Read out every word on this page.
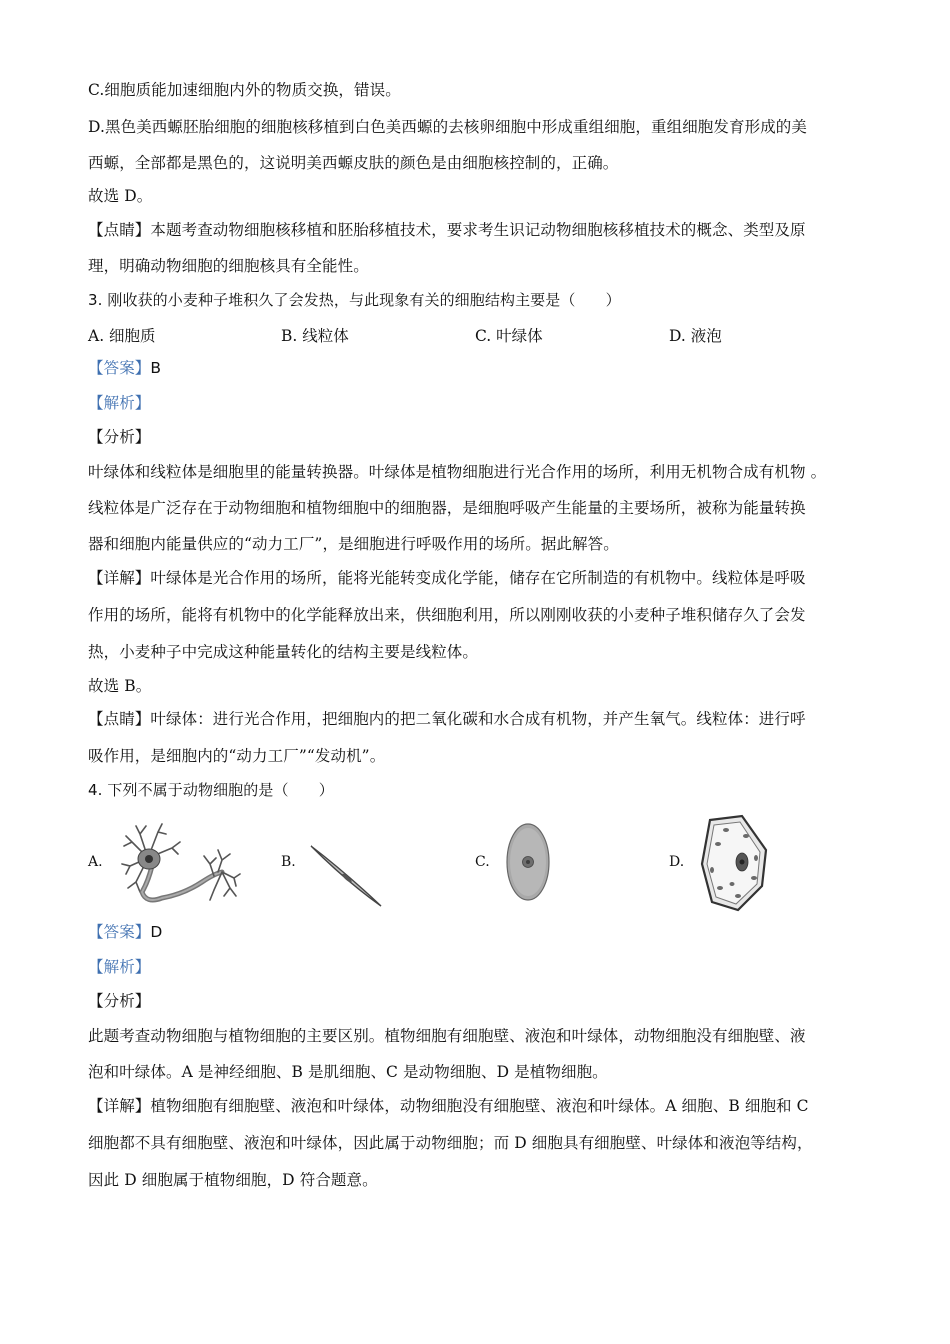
C.细胞质能加速细胞内外的物质交换，错误。
D.黑色美西螈胚胎细胞的细胞核移植到白色美西螈的去核卵细胞中形成重组细胞，重组细胞发育形成的美
西螈，全部都是黑色的，这说明美西螈皮肤的颜色是由细胞核控制的，正确。
故选 D。
【点睛】本题考查动物细胞核移植和胚胎移植技术，要求考生识记动物细胞核移植技术的概念、类型及原
理，明确动物细胞的细胞核具有全能性。
3. 刚收获的小麦种子堆积久了会发热，与此现象有关的细胞结构主要是（　　）
A. 细胞质	B. 线粒体	C. 叶绿体	D. 液泡
【答案】B
【解析】
【分析】
叶绿体和线粒体是细胞里的能量转换器。叶绿体是植物细胞进行光合作用的场所，利用无机物合成有机物 。
线粒体是广泛存在于动物细胞和植物细胞中的细胞器，是细胞呼吸产生能量的主要场所，被称为能量转换
器和细胞内能量供应的“动力工厂”，是细胞进行呼吸作用的场所。据此解答。
【详解】叶绿体是光合作用的场所，能将光能转变成化学能，储存在它所制造的有机物中。线粒体是呼吸
作用的场所，能将有机物中的化学能释放出来，供细胞利用，所以刚刚收获的小麦种子堆积储存久了会发
热，小麦种子中完成这种能量转化的结构主要是线粒体。
故选 B。
【点睛】叶绿体：进行光合作用，把细胞内的把二氧化碳和水合成有机物，并产生氧气。线粒体：进行呼
吸作用，是细胞内的“动力工厂”“发动机”。
4. 下列不属于动物细胞的是（　　）
A.	B.	C.	D.
【答案】D
【解析】
【分析】
此题考查动物细胞与植物细胞的主要区别。植物细胞有细胞壁、液泡和叶绿体，动物细胞没有细胞壁、液
泡和叶绿体。A 是神经细胞、B 是肌细胞、C 是动物细胞、D 是植物细胞。
【详解】植物细胞有细胞壁、液泡和叶绿体，动物细胞没有细胞壁、液泡和叶绿体。A 细胞、B 细胞和 C
细胞都不具有细胞壁、液泡和叶绿体，因此属于动物细胞；而 D 细胞具有细胞壁、叶绿体和液泡等结构，
因此 D 细胞属于植物细胞，D 符合题意。
